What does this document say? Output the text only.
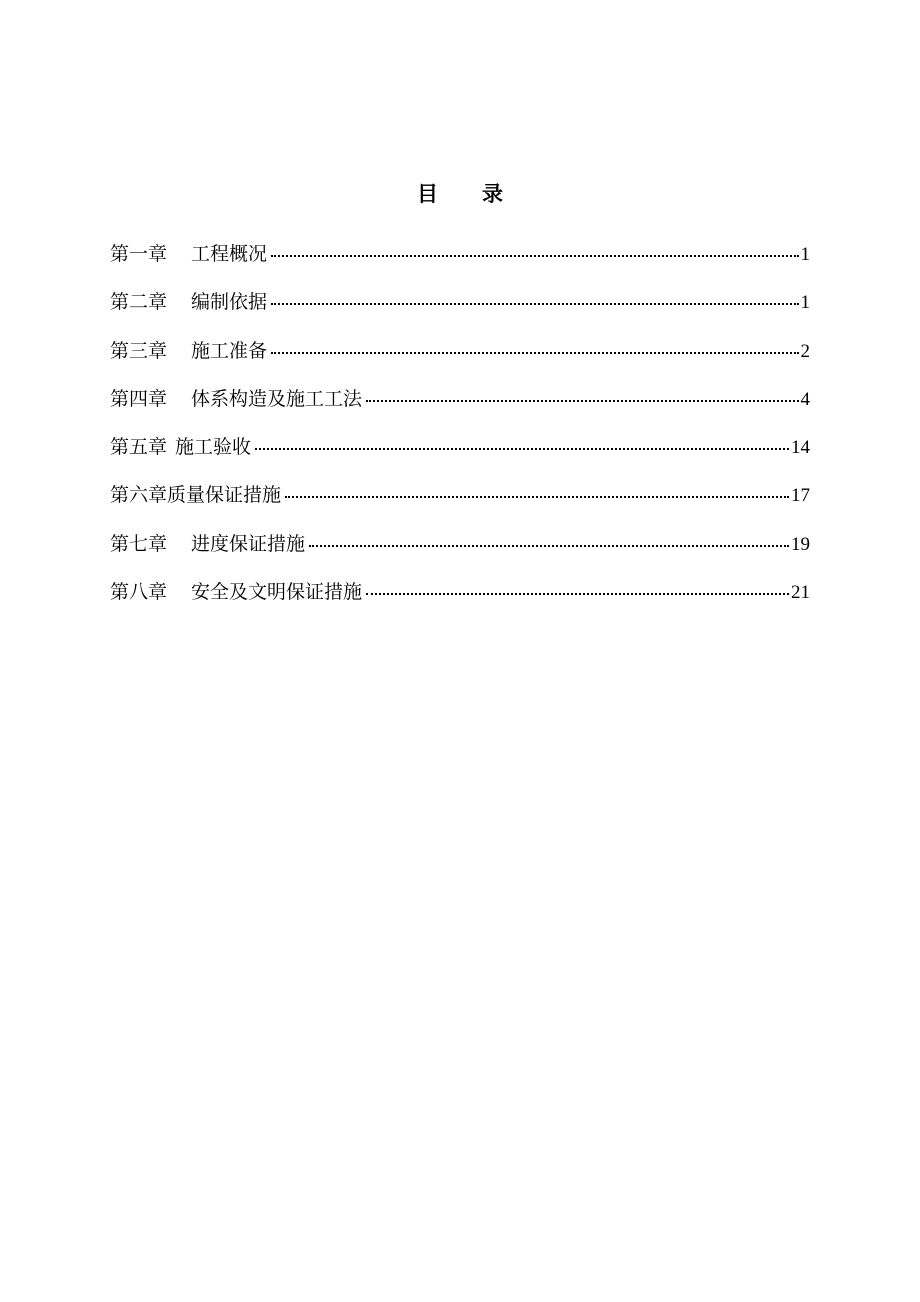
目 录
第一章 工程概况	1
第二章 编制依据	1
第三章 施工准备	2
第四章 体系构造及施工工法	4
第五章 施工验收	14
第六章 质量保证措施	17
第七章 进度保证措施	19
第八章 安全及文明保证措施	21
